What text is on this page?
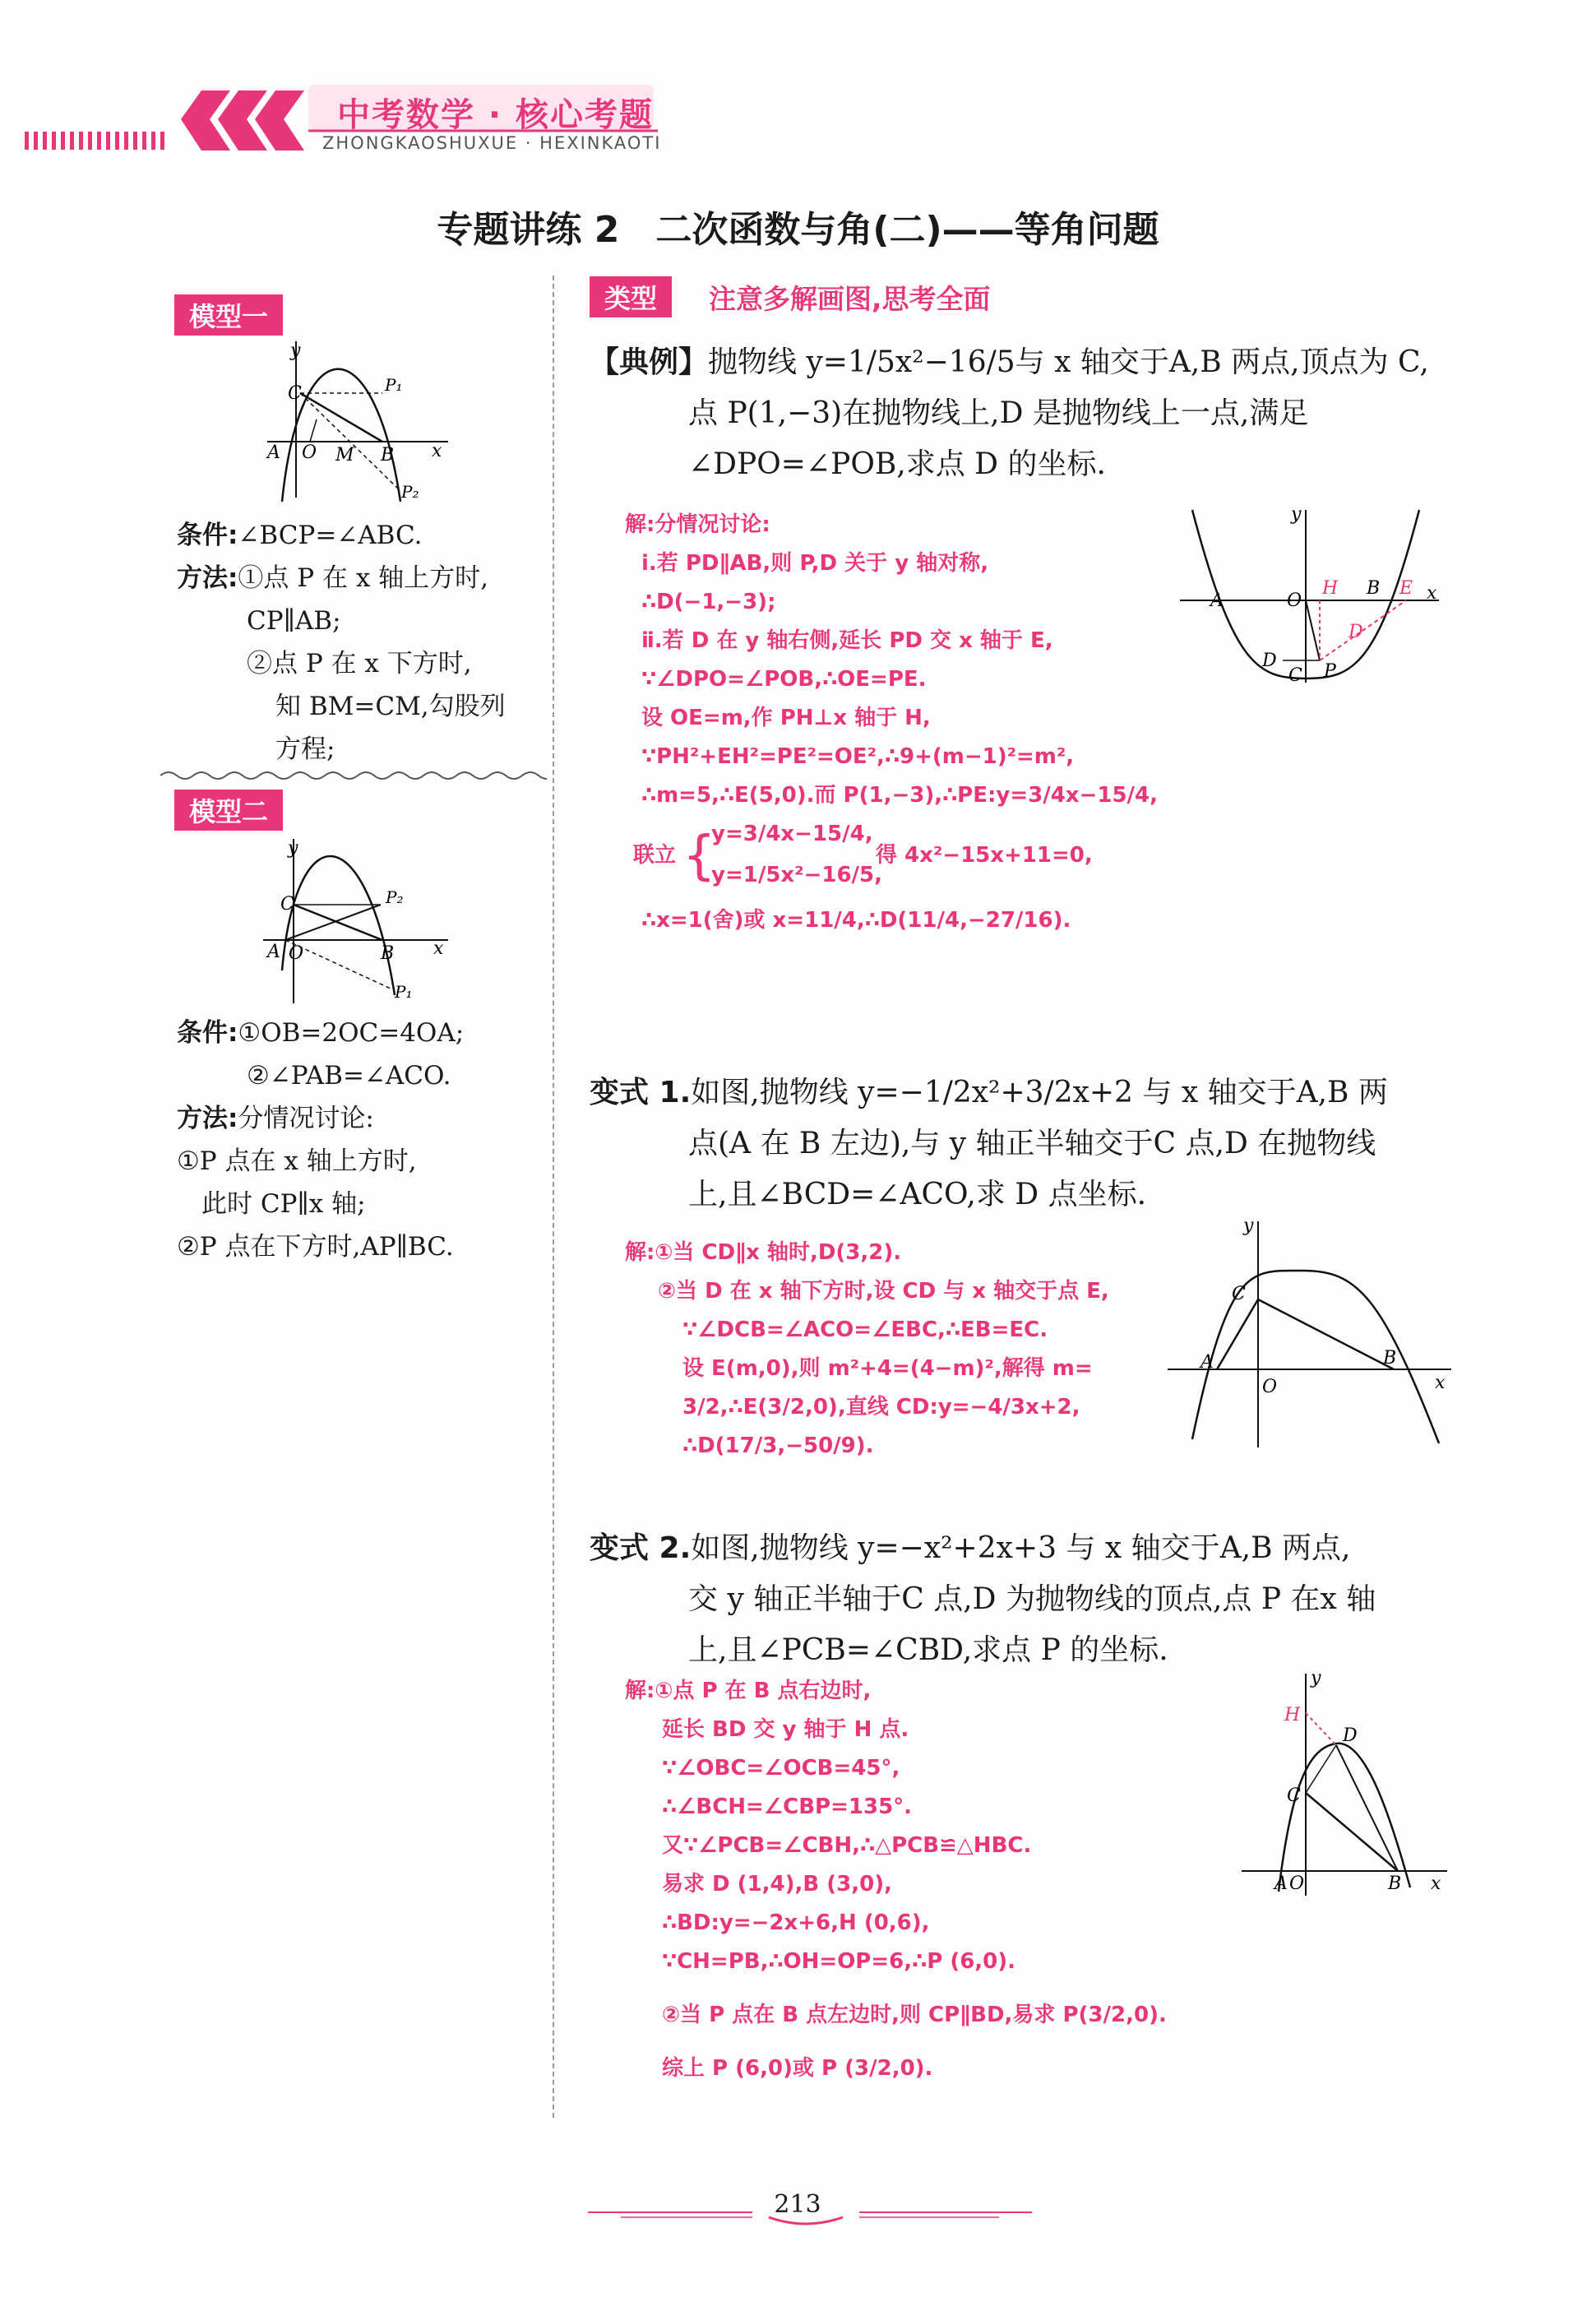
中考数学 · 核心考题
ZHONGKAOSHUXUE · HEXINKAOTI
专题讲练 2　二次函数与角(二)——等角问题
模型一
y
x
C	P₁
A O M B
P₂
条件:∠BCP=∠ABC.
方法:①点 P 在 x 轴上方时,
CP∥AB;
②点 P 在 x 下方时,
知 BM=CM,勾股列
方程;
模型二
y
x
C	P₂
A O	B
P₁
条件:①OB=2OC=4OA;
②∠PAB=∠ACO.
方法:分情况讨论:
①P 点在 x 轴上方时,
此时 CP∥x 轴;
②P 点在下方时,AP∥BC.
类型	注意多解画图,思考全面
【典例】抛物线 y=1/5x²−16/5与 x 轴交于A,B 两点,顶点为 C,
点 P(1,−3)在抛物线上,D 是抛物线上一点,满足
∠DPO=∠POB,求点 D 的坐标.
解:分情况讨论:
ⅰ.若 PD∥AB,则 P,D 关于 y 轴对称,
∴D(−1,−3);
ⅱ.若 D 在 y 轴右侧,延长 PD 交 x 轴于 E,
∵∠DPO=∠POB,∴OE=PE.
设 OE=m,作 PH⊥x 轴于 H,
∵PH²+EH²=PE²=OE²,∴9+(m−1)²=m²,
∴m=5,∴E(5,0).而 P(1,−3),∴PE:y=3/4x−15/4,
联立 {
y=3/4x−15/4,
y=1/5x²−16/5,
得 4x²−15x+11=0,
∴x=1(舍)或 x=11/4,∴D(11/4,−27/16).
y
x
H B E
A	O
D
D
C P
变式 1.如图,抛物线 y=−1/2x²+3/2x+2 与 x 轴交于A,B 两
点(A 在 B 左边),与 y 轴正半轴交于C 点,D 在抛物线
上,且∠BCD=∠ACO,求 D 点坐标.
解:①当 CD∥x 轴时,D(3,2).
②当 D 在 x 轴下方时,设 CD 与 x 轴交于点 E,
∵∠DCB=∠ACO=∠EBC,∴EB=EC.
设 E(m,0),则 m²+4=(4−m)²,解得 m=
3/2,∴E(3/2,0),直线 CD:y=−4/3x+2,
∴D(17/3,−50/9).
y
x
C
A
O
B
变式 2.如图,抛物线 y=−x²+2x+3 与 x 轴交于A,B 两点,
交 y 轴正半轴于C 点,D 为抛物线的顶点,点 P 在x 轴
上,且∠PCB=∠CBD,求点 P 的坐标.
解:①点 P 在 B 点右边时,
延长 BD 交 y 轴于 H 点.
∵∠OBC=∠OCB=45°,
∴∠BCH=∠CBP=135°.
又∵∠PCB=∠CBH,∴△PCB≌△HBC.
易求 D (1,4),B (3,0),
∴BD:y=−2x+6,H (0,6),
∵CH=PB,∴OH=OP=6,∴P (6,0).
②当 P 点在 B 点左边时,则 CP∥BD,易求 P(3/2,0).
综上 P (6,0)或 P (3/2,0).
y
x
H
D
C
A O	B
213
